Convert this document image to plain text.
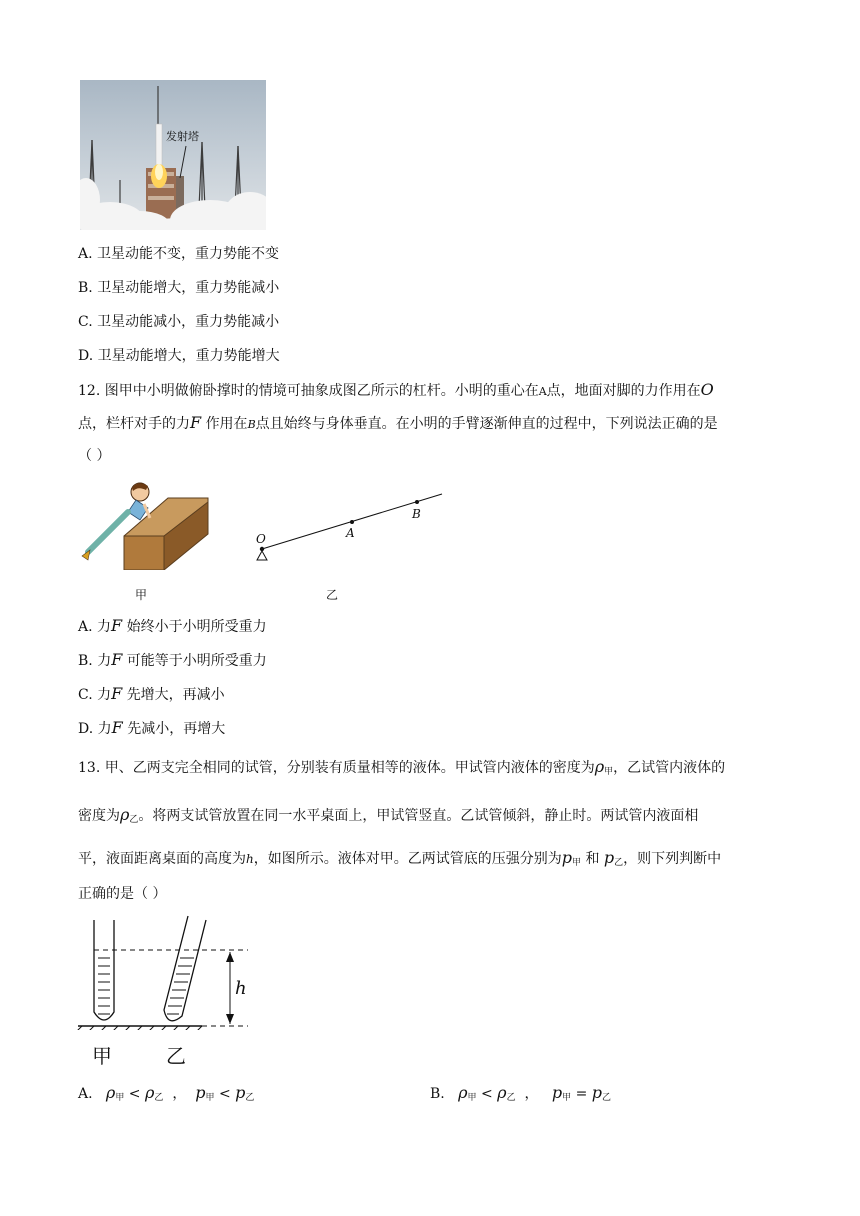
发射塔
A. 卫星动能不变，重力势能不变
B. 卫星动能增大，重力势能减小
C. 卫星动能减小，重力势能减小
D. 卫星动能增大，重力势能增大
12. 图甲中小明做俯卧撑时的情境可抽象成图乙所示的杠杆。小明的重心在A点，地面对脚的力作用在O
点，栏杆对手的力F 作用在B点且始终与身体垂直。在小明的手臂逐渐伸直的过程中，下列说法正确的是
（ ）
甲
O	A
B
乙
A. 力F 始终小于小明所受重力
B. 力F 可能等于小明所受重力
C. 力F 先增大，再减小
D. 力F 先减小，再增大
13. 甲、乙两支完全相同的试管，分别装有质量相等的液体。甲试管内液体的密度为$\rho_甲$，乙试管内液体的
密度为$\rho_乙$。将两支试管放置在同一水平桌面上，甲试管竖直。乙试管倾斜，静止时。两试管内液面相
平，液面距离桌面的高度为h，如图所示。液体对甲。乙两试管底的压强分别为$p_甲$ 和 $p_乙$，则下列判断中
正确的是（ ）
h
甲	乙
A. $\rho_甲 < \rho_乙$ ， $p_甲 < p_乙$	B. $\rho_甲 < \rho_乙$ ， $p_甲 = p_乙$
